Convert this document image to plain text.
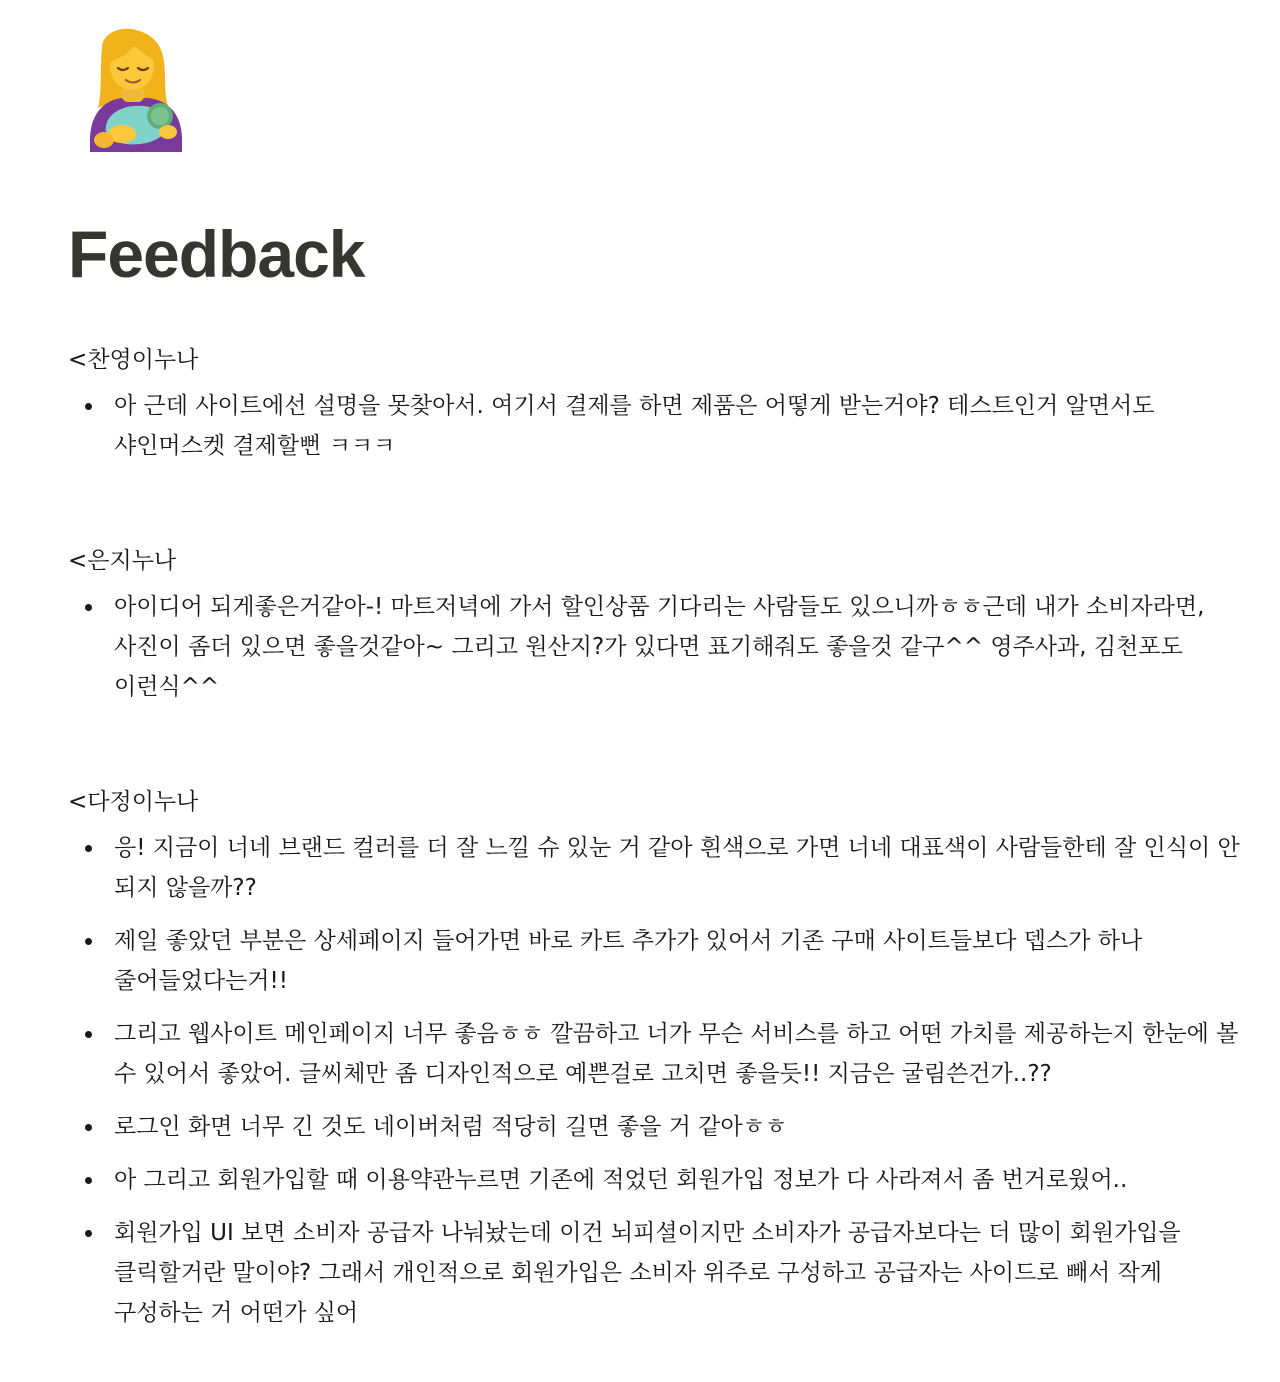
Feedback

<찬영이누나

아 근데 사이트에선 설명을 못찾아서. 여기서 결제를 하면 제품은 어떻게 받는거야? 테스트인거 알면서도 샤인머스켓 결제할뻔 ㅋㅋㅋ

<은지누나

아이디어 되게좋은거같아-! 마트저녁에 가서 할인상품 기다리는 사람들도 있으니까ㅎㅎ근데 내가 소비자라면, 사진이 좀더 있으면 좋을것같아~ 그리고 원산지?가 있다면 표기해줘도 좋을것 같구^^ 영주사과, 김천포도 이런식^^

<다정이누나

응! 지금이 너네 브랜드 컬러를 더 잘 느낄 슈 있눈 거 같아 흰색으로 가면 너네 대표색이 사람들한테 잘 인식이 안 되지 않을까??
제일 좋았던 부분은 상세페이지 들어가면 바로 카트 추가가 있어서 기존 구매 사이트들보다 뎁스가 하나 줄어들었다는거!!
그리고 웹사이트 메인페이지 너무 좋음ㅎㅎ 깔끔하고 너가 무슨 서비스를 하고 어떤 가치를 제공하는지 한눈에 볼 수 있어서 좋았어. 글씨체만 좀 디자인적으로 예쁜걸로 고치면 좋을듯!! 지금은 굴림쓴건가..??
로그인 화면 너무 긴 것도 네이버처럼 적당히 길면 좋을 거 같아ㅎㅎ
아 그리고 회원가입할 때 이용약관누르면 기존에 적었던 회원가입 정보가 다 사라져서 좀 번거로웠어..
회원가입 UI 보면 소비자 공급자 나눠놨는데 이건 뇌피셜이지만 소비자가 공급자보다는 더 많이 회원가입을 클릭할거란 말이야? 그래서 개인적으로 회원가입은 소비자 위주로 구성하고 공급자는 사이드로 빼서 작게 구성하는 거 어떤가 싶어
